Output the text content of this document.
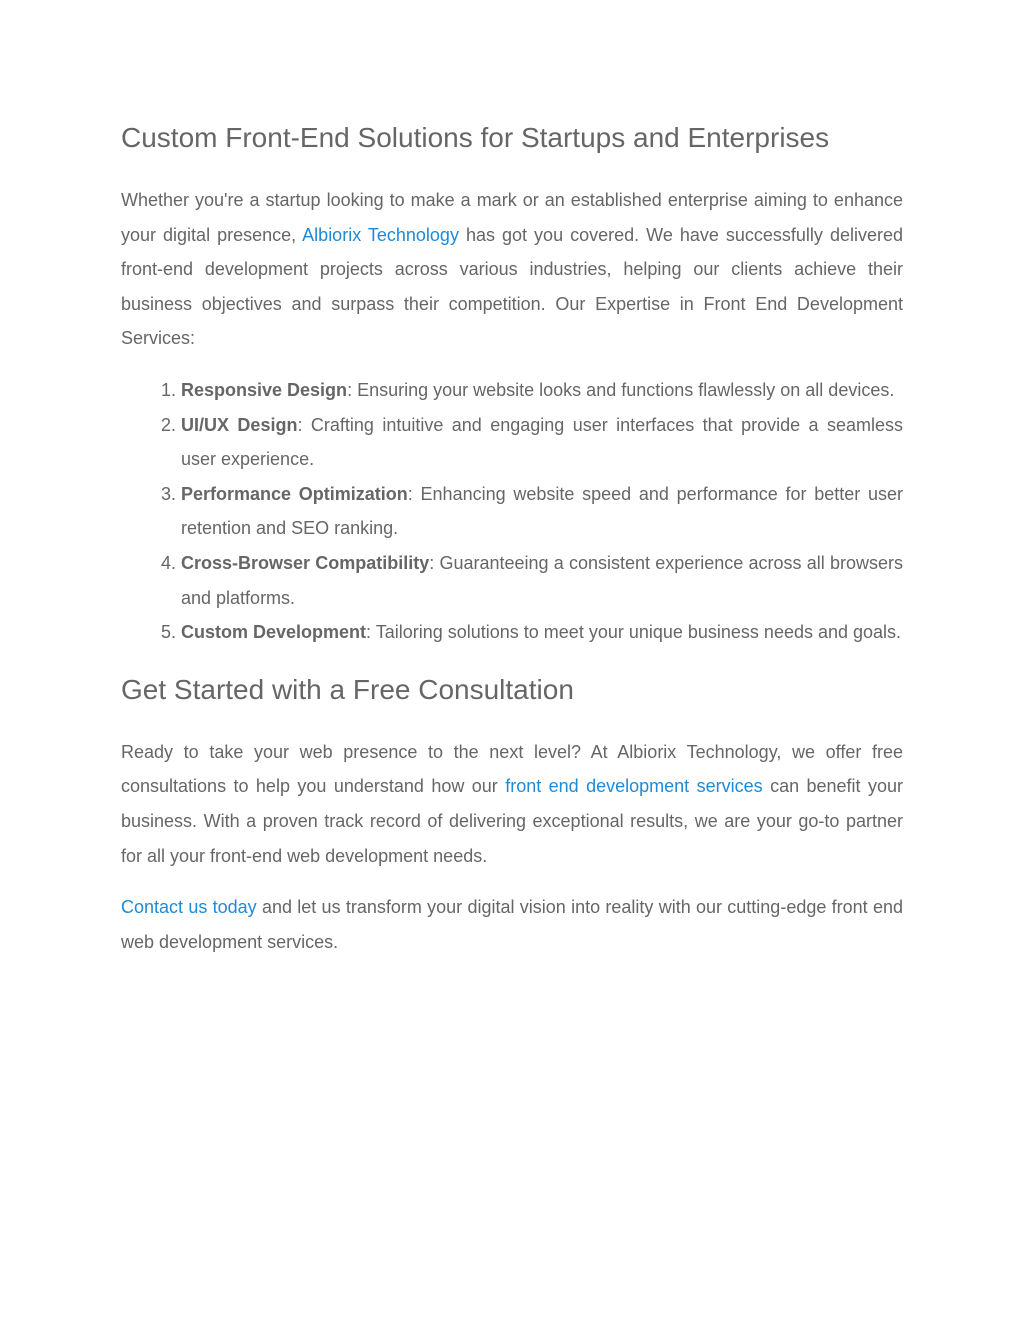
Custom Front-End Solutions for Startups and Enterprises

Whether you're a startup looking to make a mark or an established enterprise aiming to enhance your digital presence, Albiorix Technology has got you covered. We have successfully delivered front-end development projects across various industries, helping our clients achieve their business objectives and surpass their competition. Our Expertise in Front End Development Services:

1. Responsive Design: Ensuring your website looks and functions flawlessly on all devices.
2. UI/UX Design: Crafting intuitive and engaging user interfaces that provide a seamless user experience.
3. Performance Optimization: Enhancing website speed and performance for better user retention and SEO ranking.
4. Cross-Browser Compatibility: Guaranteeing a consistent experience across all browsers and platforms.
5. Custom Development: Tailoring solutions to meet your unique business needs and goals.
Get Started with a Free Consultation

Ready to take your web presence to the next level? At Albiorix Technology, we offer free consultations to help you understand how our front end development services can benefit your business. With a proven track record of delivering exceptional results, we are your go-to partner for all your front-end web development needs.

Contact us today and let us transform your digital vision into reality with our cutting-edge front end web development services.
